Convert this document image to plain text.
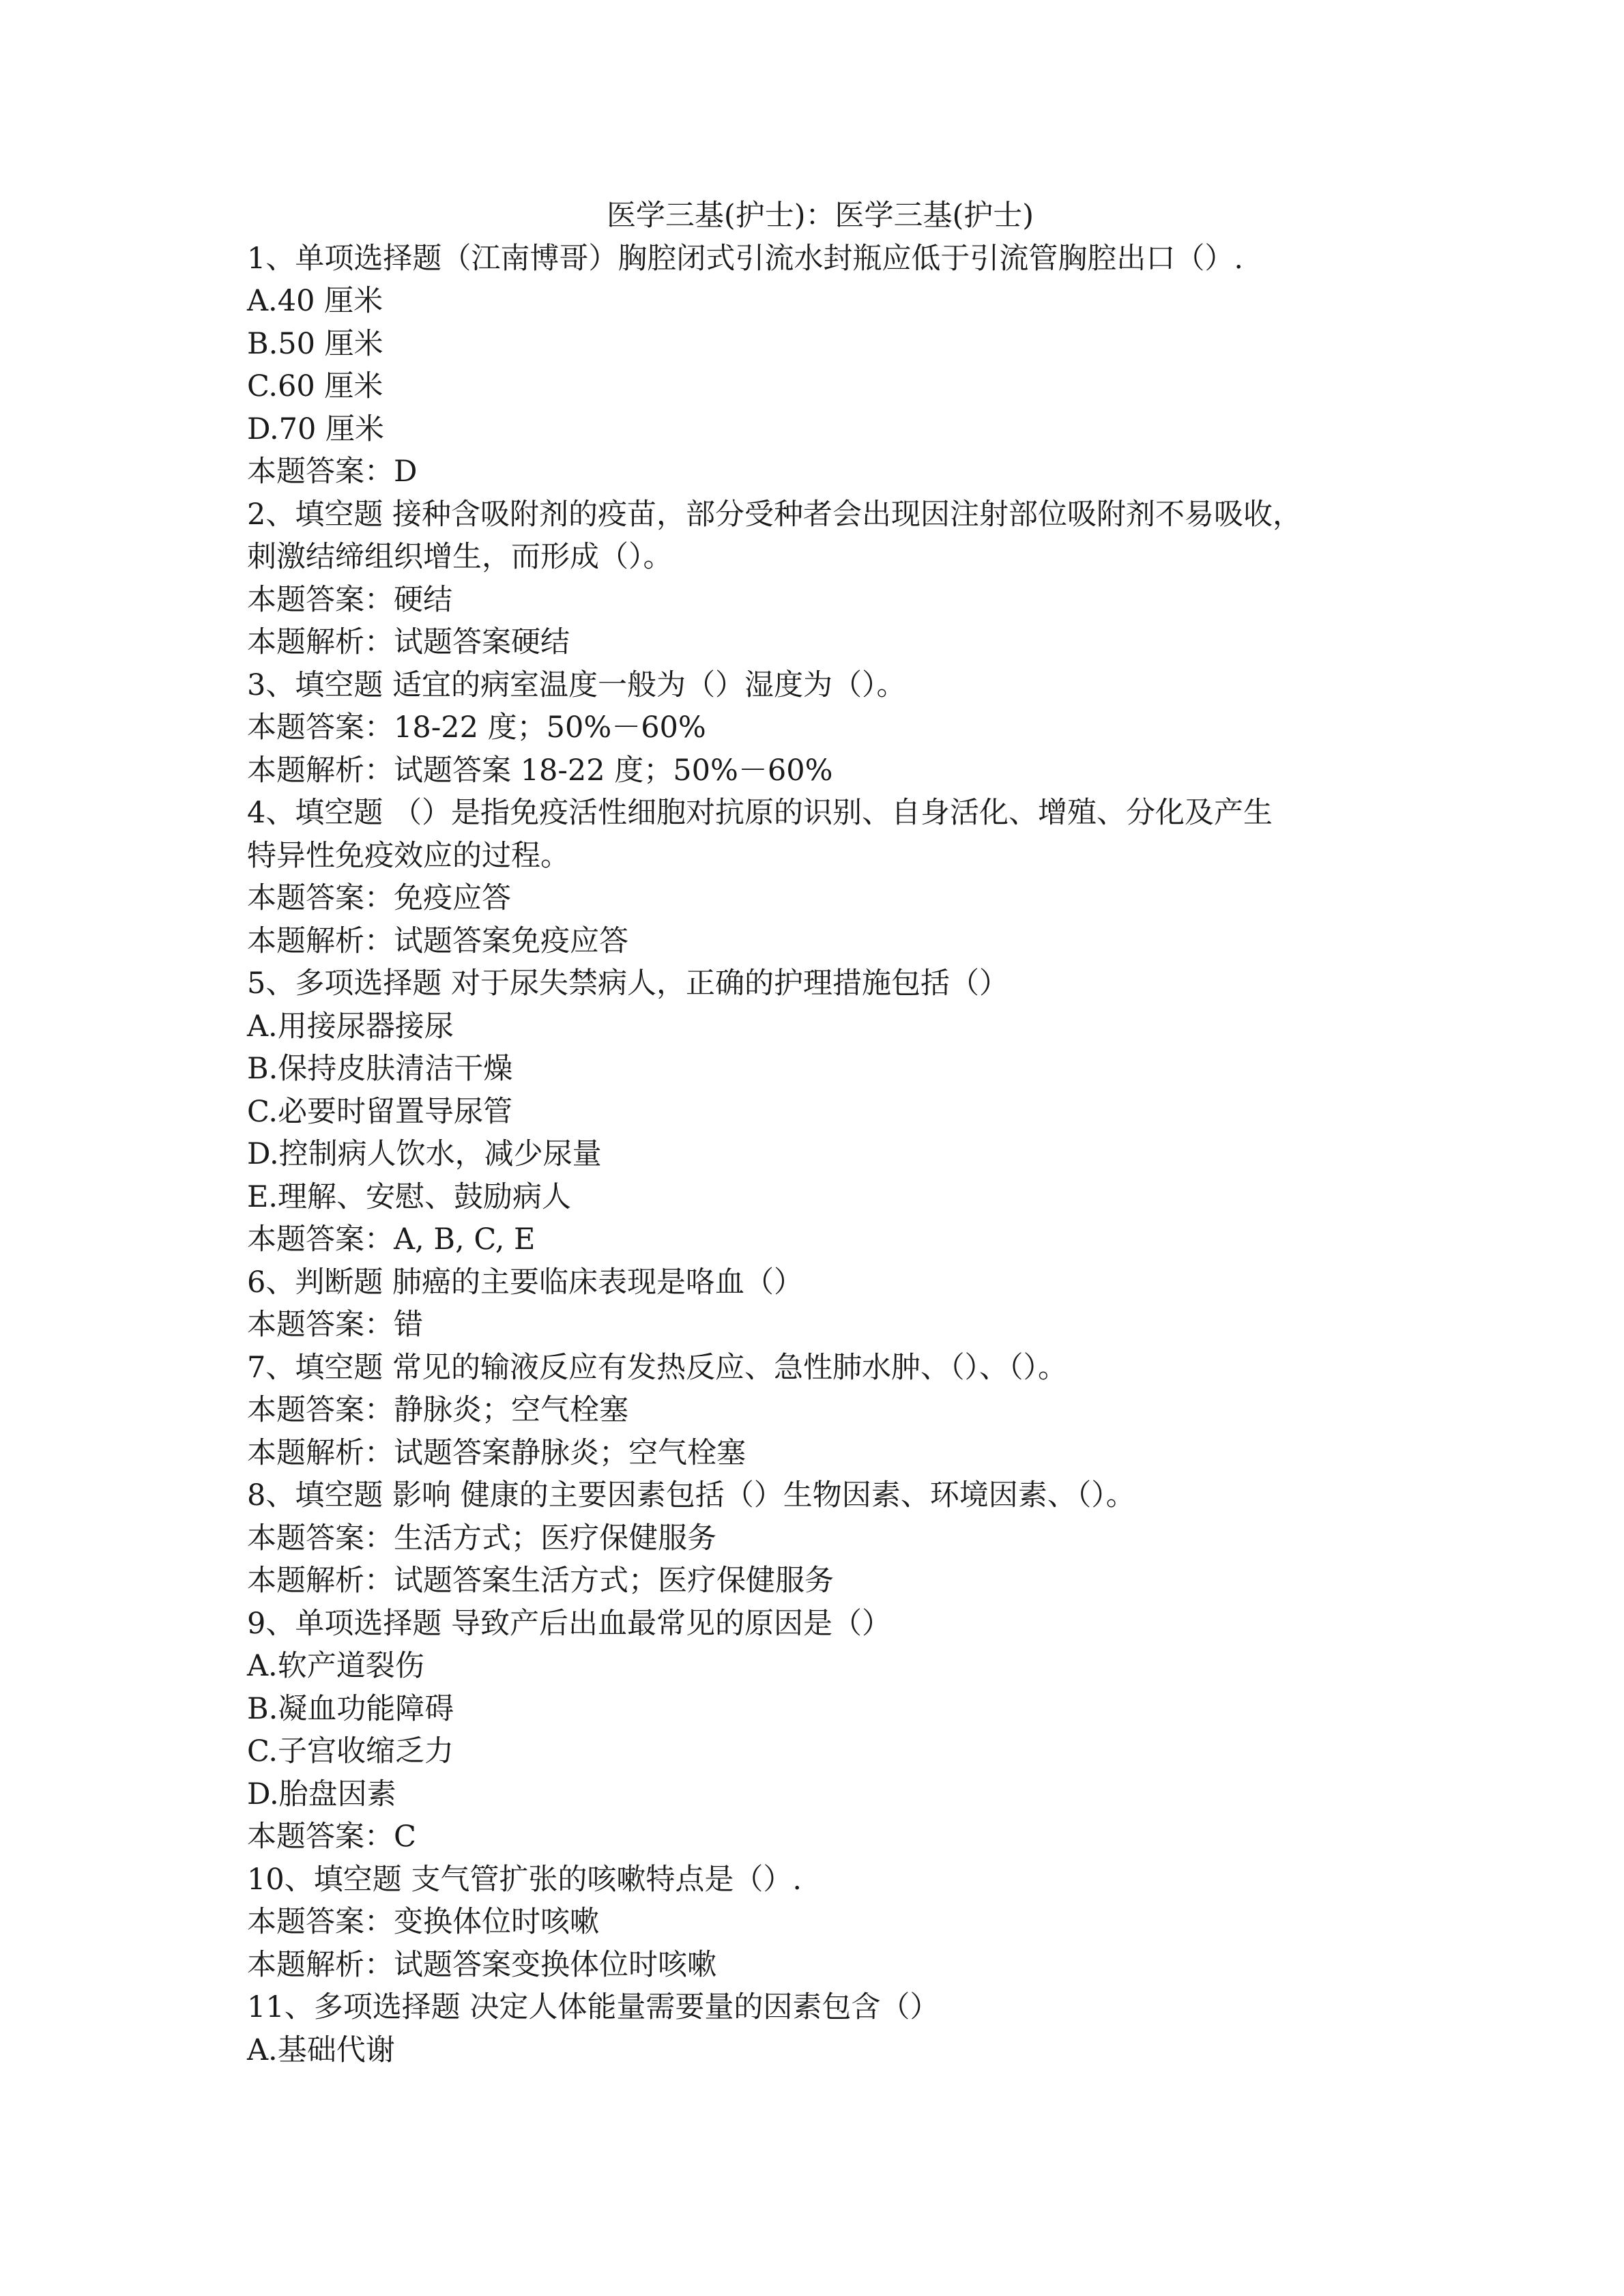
医学三基(护士)：医学三基(护士)
1、单项选择题（江南博哥）胸腔闭式引流水封瓶应低于引流管胸腔出口（）.
A.40 厘米
B.50 厘米
C.60 厘米
D.70 厘米
本题答案：D
2、填空题 接种含吸附剂的疫苗，部分受种者会出现因注射部位吸附剂不易吸收，
刺激结缔组织增生，而形成（）。
本题答案：硬结
本题解析：试题答案硬结
3、填空题 适宜的病室温度一般为（）湿度为（）。
本题答案：18-22 度；50%－60%
本题解析：试题答案 18-22 度；50%－60%
4、填空题 （）是指免疫活性细胞对抗原的识别、自身活化、增殖、分化及产生
特异性免疫效应的过程。
本题答案：免疫应答
本题解析：试题答案免疫应答
5、多项选择题 对于尿失禁病人，正确的护理措施包括（）
A.用接尿器接尿
B.保持皮肤清洁干燥
C.必要时留置导尿管
D.控制病人饮水，减少尿量
E.理解、安慰、鼓励病人
本题答案：A, B, C, E
6、判断题 肺癌的主要临床表现是咯血（）
本题答案：错
7、填空题 常见的输液反应有发热反应、急性肺水肿、（）、（）。
本题答案：静脉炎；空气栓塞
本题解析：试题答案静脉炎；空气栓塞
8、填空题 影响 健康的主要因素包括（）生物因素、环境因素、（）。
本题答案：生活方式；医疗保健服务
本题解析：试题答案生活方式；医疗保健服务
9、单项选择题 导致产后出血最常见的原因是（）
A.软产道裂伤
B.凝血功能障碍
C.子宫收缩乏力
D.胎盘因素
本题答案：C
10、填空题 支气管扩张的咳嗽特点是（）.
本题答案：变换体位时咳嗽
本题解析：试题答案变换体位时咳嗽
11、多项选择题 决定人体能量需要量的因素包含（）
A.基础代谢
